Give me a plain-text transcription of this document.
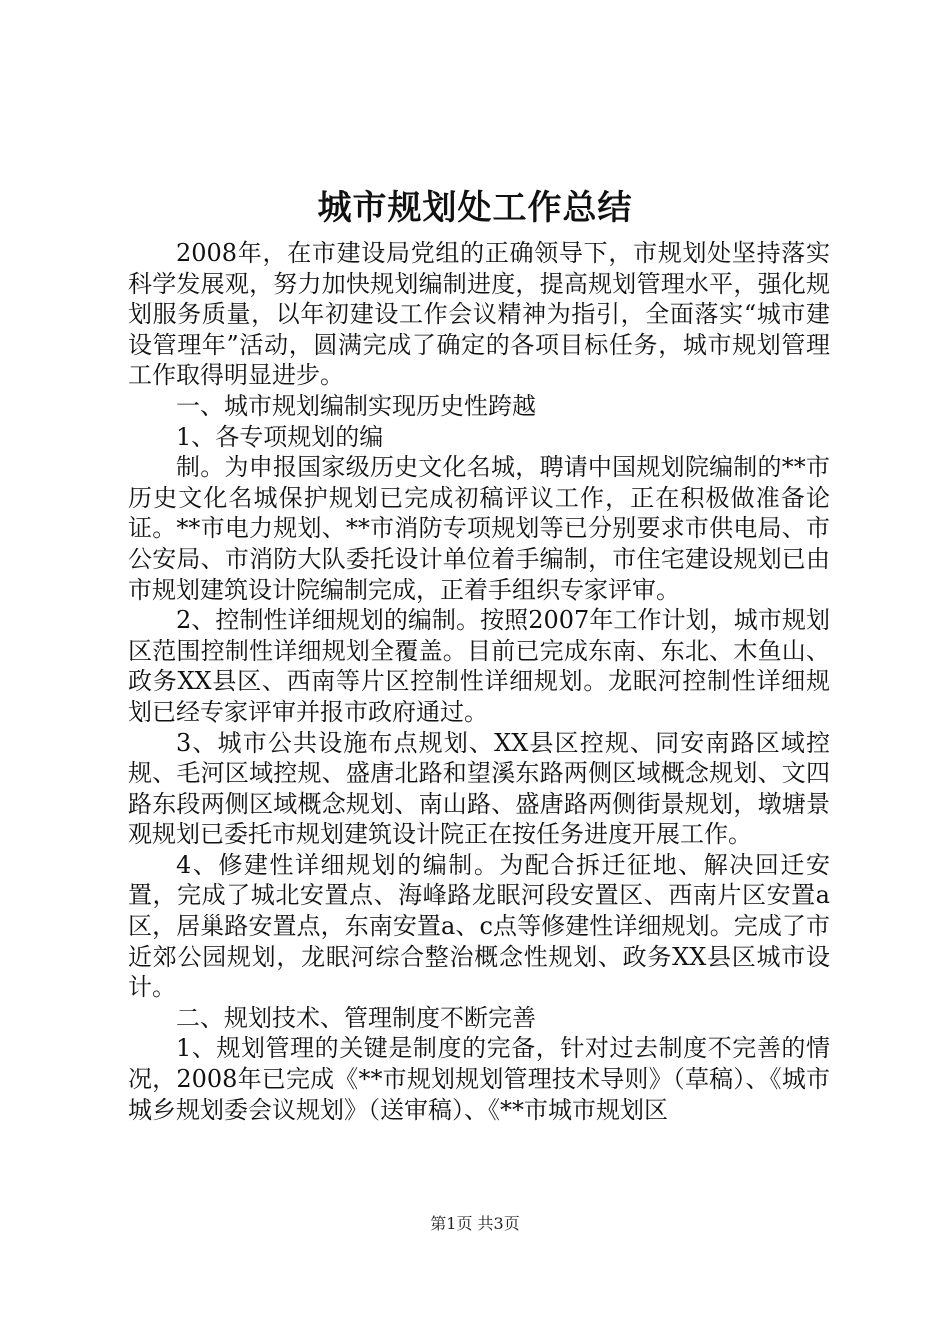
城市规划处工作总结

2008年，在市建设局党组的正确领导下，市规划处坚持落实科学发展观，努力加快规划编制进度，提高规划管理水平，强化规划服务质量，以年初建设工作会议精神为指引，全面落实“城市建设管理年”活动，圆满完成了确定的各项目标任务，城市规划管理工作取得明显进步。

一、城市规划编制实现历史性跨越

1、各专项规划的编

制。为申报国家级历史文化名城，聘请中国规划院编制的**市历史文化名城保护规划已完成初稿评议工作，正在积极做准备论证。**市电力规划、**市消防专项规划等已分别要求市供电局、市公安局、市消防大队委托设计单位着手编制，市住宅建设规划已由市规划建筑设计院编制完成，正着手组织专家评审。

2、控制性详细规划的编制。按照2007年工作计划，城市规划区范围控制性详细规划全覆盖。目前已完成东南、东北、木鱼山、政务XX县区、西南等片区控制性详细规划。龙眠河控制性详细规划已经专家评审并报市政府通过。

3、城市公共设施布点规划、XX县区控规、同安南路区域控规、毛河区域控规、盛唐北路和望溪东路两侧区域概念规划、文四路东段两侧区域概念规划、南山路、盛唐路两侧街景规划，墩塘景观规划已委托市规划建筑设计院正在按任务进度开展工作。

4、修建性详细规划的编制。为配合拆迁征地、解决回迁安置，完成了城北安置点、海峰路龙眠河段安置区、西南片区安置a区，居巢路安置点，东南安置a、c点等修建性详细规划。完成了市近郊公园规划，龙眠河综合整治概念性规划、政务XX县区城市设计。

二、规划技术、管理制度不断完善

1、规划管理的关键是制度的完备，针对过去制度不完善的情况，2008年已完成《**市规划规划管理技术导则》（草稿）、《城市城乡规划委会议规划》（送审稿）、《**市城市规划区

第1页 共3页
